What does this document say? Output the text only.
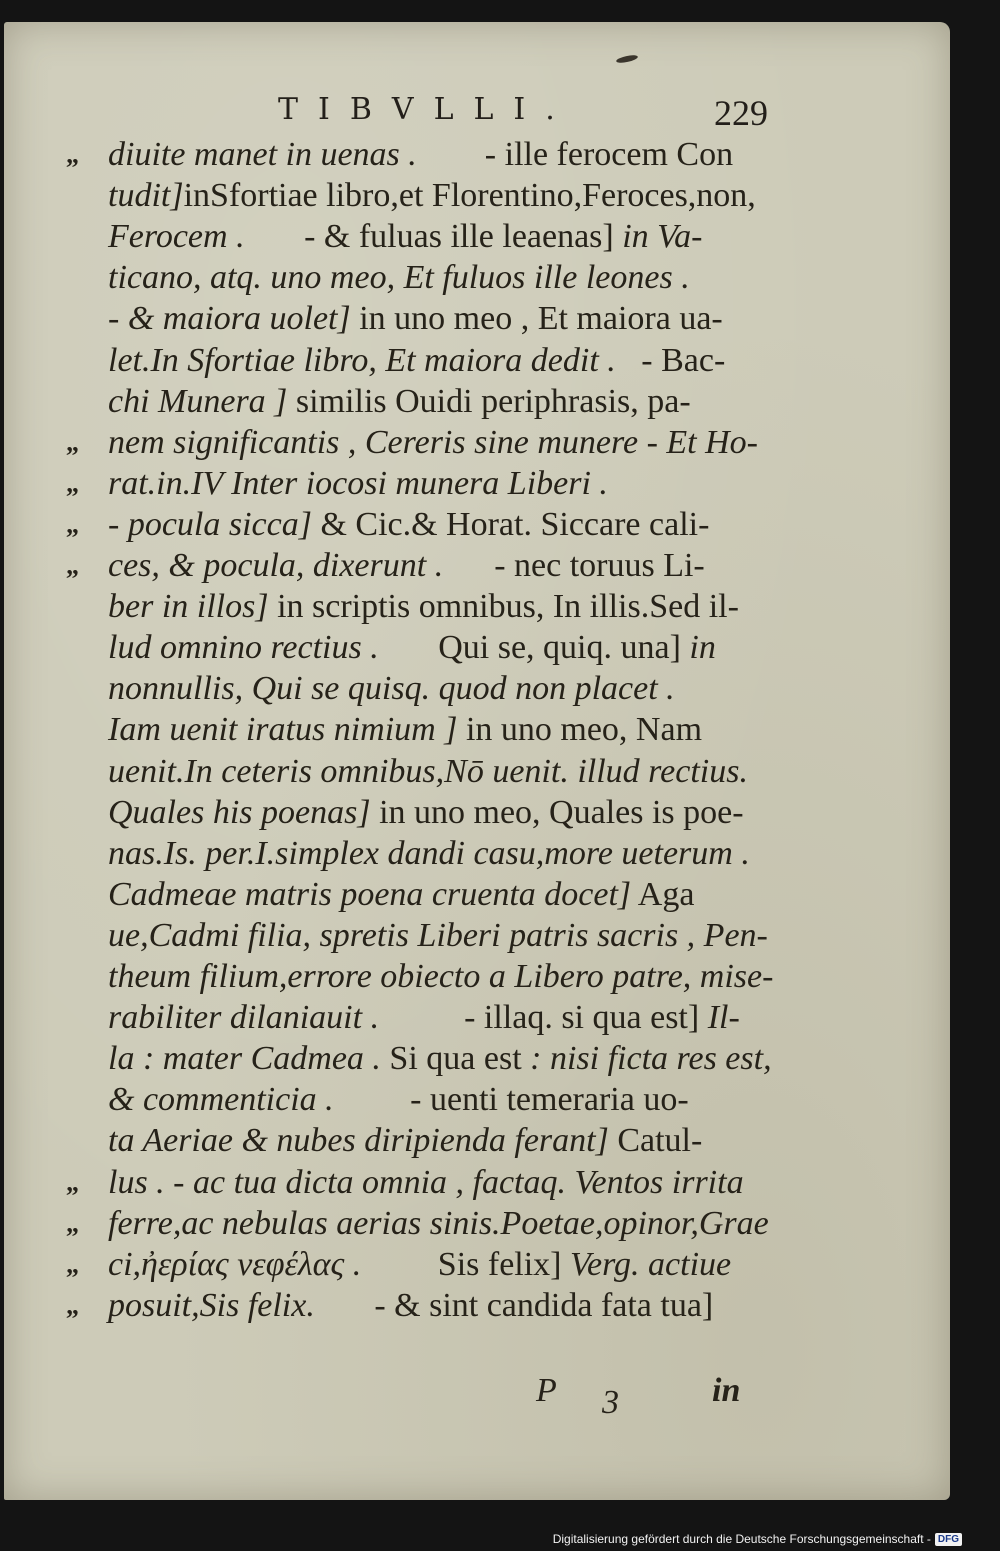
TIBVLLI.	229
diuite manet in uenas .        - ille ferocem Con
„
tudit]inSfortiae libro,et Florentino,Feroces,non,
Ferocem .       - & fuluas ille leaenas] in Va-
ticano, atq. uno meo, Et fuluos ille leones .
- & maiora uolet] in uno meo , Et maiora ua-
let.In Sfortiae libro, Et maiora dedit .   - Bac-
chi Munera ] similis Ouidi periphrasis, pa-
nem significantis , Cereris sine munere - Et Ho-
„
rat.in.IV Inter iocosi munera Liberi .
„
- pocula sicca] & Cic.& Horat. Siccare cali-
„
ces, & pocula, dixerunt .      - nec toruus Li-
„
ber in illos] in scriptis omnibus, In illis.Sed il-
lud omnino rectius .       Qui se, quiq. una] in
nonnullis, Qui se quisq. quod non placet .
Iam uenit iratus nimium ] in uno meo, Nam
uenit.In ceteris omnibus,Nō uenit. illud rectius.
Quales his poenas] in uno meo, Quales is poe-
nas.Is. per.I.simplex dandi casu,more ueterum .
Cadmeae matris poena cruenta docet] Aga
ue,Cadmi filia, spretis Liberi patris sacris , Pen-
theum filium,errore obiecto a Libero patre, mise-
rabiliter dilaniauit .          - illaq. si qua est] Il-
la : mater Cadmea . Si qua est : nisi ficta res est,
& commenticia .         - uenti temeraria uo-
ta Aeriae & nubes diripienda ferant] Catul-
lus . - ac tua dicta omnia , factaq. Ventos irrita
„
ferre,ac nebulas aerias sinis.Poetae,opinor,Grae
„
ci,ἠερίας νεφέλας .         Sis felix] Verg. actiue
„
posuit,Sis felix.       - & sint candida fata tua]
„
P 3	in
Digitalisierung gefördert durch die Deutsche Forschungsgemeinschaft - DFG
